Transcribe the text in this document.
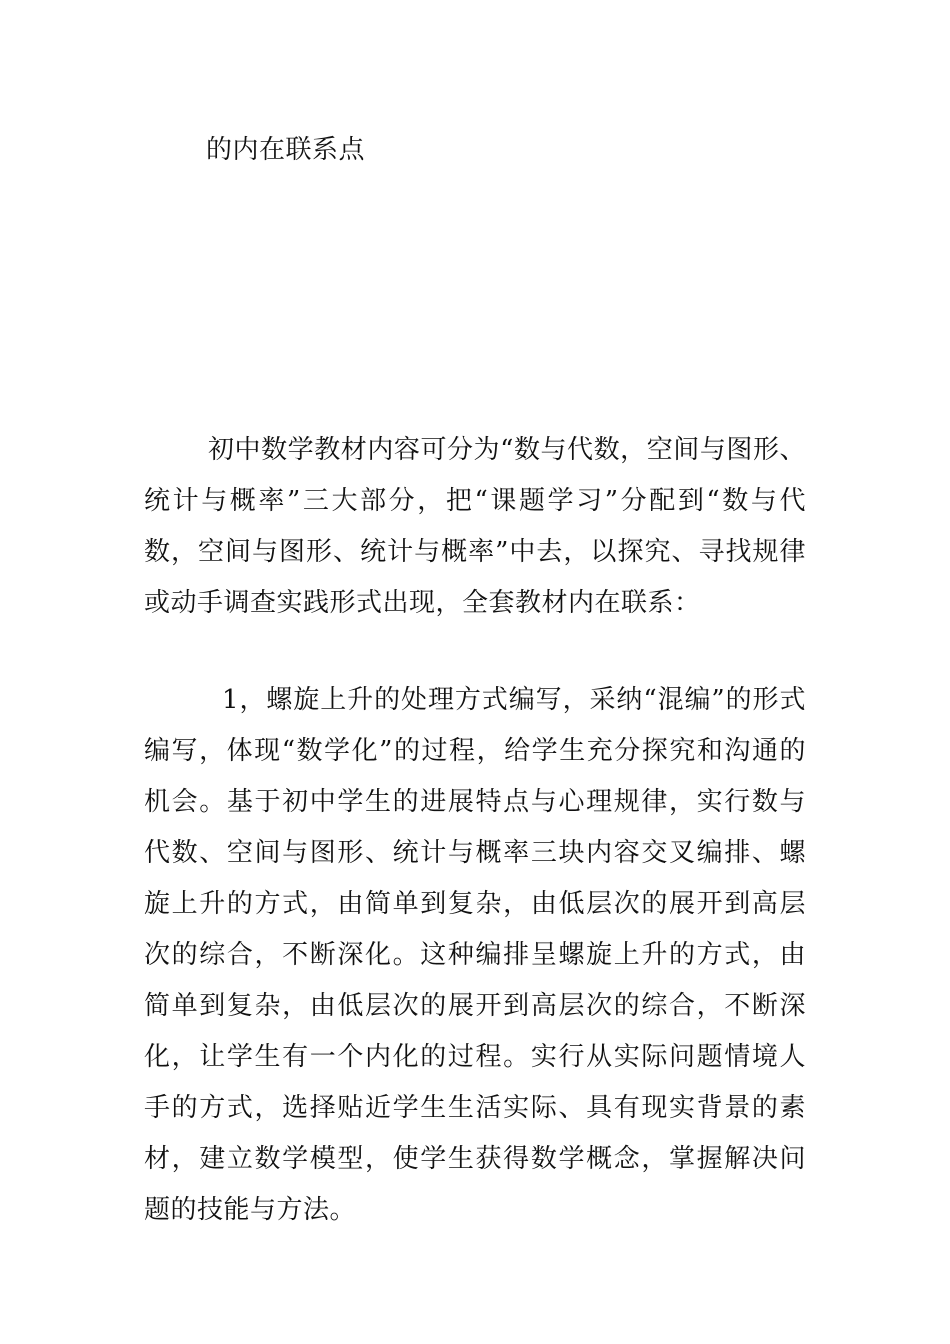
的内在联系点

初中数学教材内容可分为“数与代数，空间与图形、统计与概率”三大部分，把“课题学习”分配到“数与代数，空间与图形、统计与概率”中去，以探究、寻找规律或动手调查实践形式出现，全套教材内在联系：

1，螺旋上升的处理方式编写，采纳“混编”的形式编写，体现“数学化”的过程，给学生充分探究和沟通的机会。基于初中学生的进展特点与心理规律，实行数与代数、空间与图形、统计与概率三块内容交叉编排、螺旋上升的方式，由简单到复杂，由低层次的展开到高层次的综合，不断深化。这种编排呈螺旋上升的方式，由简单到复杂，由低层次的展开到高层次的综合，不断深化，让学生有一个内化的过程。实行从实际问题情境人手的方式，选择贴近学生生活实际、具有现实背景的素材，建立数学模型，使学生获得数学概念，掌握解决问题的技能与方法。
